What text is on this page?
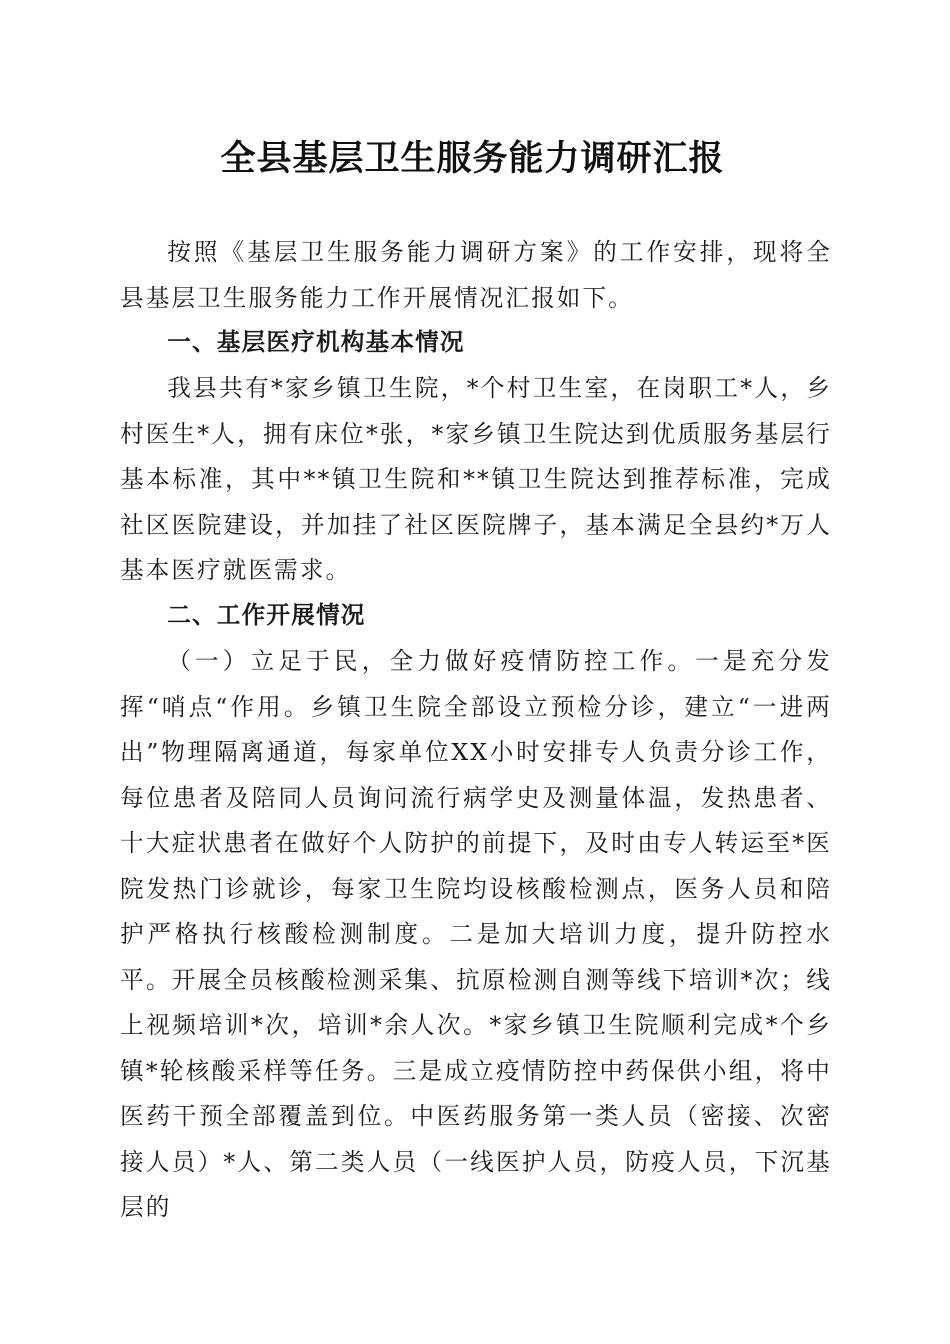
全县基层卫生服务能力调研汇报

按照《基层卫生服务能力调研方案》的工作安排，现将全县基层卫生服务能力工作开展情况汇报如下。

一、基层医疗机构基本情况

我县共有*家乡镇卫生院，*个村卫生室，在岗职工*人，乡村医生*人，拥有床位*张，*家乡镇卫生院达到优质服务基层行基本标准，其中**镇卫生院和**镇卫生院达到推荐标准，完成社区医院建设，并加挂了社区医院牌子，基本满足全县约*万人基本医疗就医需求。

二、工作开展情况

（一）立足于民，全力做好疫情防控工作。一是充分发挥“哨点“作用。乡镇卫生院全部设立预检分诊，建立“一进两出”物理隔离通道，每家单位XX小时安排专人负责分诊工作，每位患者及陪同人员询问流行病学史及测量体温，发热患者、十大症状患者在做好个人防护的前提下，及时由专人转运至*医院发热门诊就诊，每家卫生院均设核酸检测点，医务人员和陪护严格执行核酸检测制度。二是加大培训力度，提升防控水平。开展全员核酸检测采集、抗原检测自测等线下培训*次；线上视频培训*次，培训*余人次。*家乡镇卫生院顺利完成*个乡镇*轮核酸采样等任务。三是成立疫情防控中药保供小组，将中医药干预全部覆盖到位。中医药服务第一类人员（密接、次密接人员）*人、第二类人员（一线医护人员，防疫人员，下沉基层的
